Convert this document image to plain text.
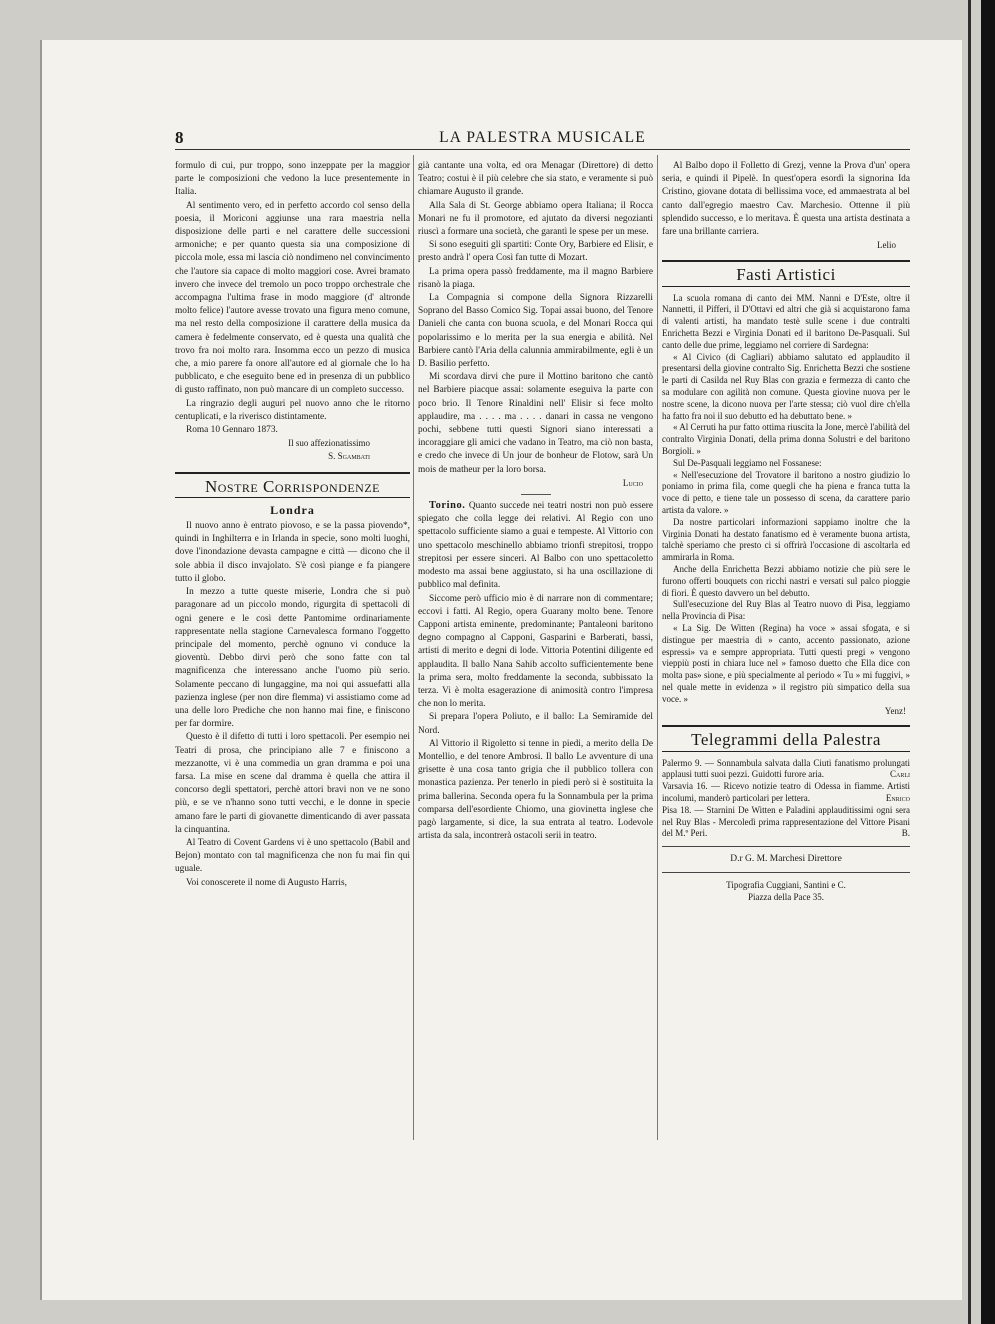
8	LA PALESTRA MUSICALE

formulo di cui, pur troppo, sono inzeppate per la maggior parte le composizioni che vedono la luce presentemente in Italia.

Al sentimento vero, ed in perfetto accordo col senso della poesia, il Moriconi aggiunse una rara maestria nella disposizione delle parti e nel carattere delle successioni armoniche; e per quanto questa sia una composizione di piccola mole, essa mi lascia ciò nondimeno nel convincimento che l'autore sia capace di molto maggiori cose. Avrei bramato invero che invece del tremolo un poco troppo orchestrale che accompagna l'ultima frase in modo maggiore (d' altronde molto felice) l'autore avesse trovato una figura meno comune, ma nel resto della composizione il carattere della musica da camera è fedelmente conservato, ed è questa una qualità che trovo fra noi molto rara. Insomma ecco un pezzo di musica che, a mio parere fa onore all'autore ed al giornale che lo ha pubblicato, e che eseguito bene ed in presenza di un pubblico di gusto raffinato, non può mancare di un completo successo.

La ringrazio degli auguri pel nuovo anno che le ritorno centuplicati, e la riverisco distintamente.

Roma 10 Gennaro 1873.

Il suo affezionatissimo
S. Sgambati
Nostre Corrispondenze
Londra

Il nuovo anno è entrato piovoso, e se la passa piovendo*, quindi in Inghilterra e in Irlanda in specie, sono molti luoghi, dove l'inondazione devasta campagne e città — dicono che il sole abbia il disco invajolato. S'è così piange e fa piangere tutto il globo.

In mezzo a tutte queste miserie, Londra che si può paragonare ad un piccolo mondo, rigurgita di spettacoli di ogni genere e le così dette Pantomime ordinariamente rappresentate nella stagione Carnevalesca formano l'oggetto principale del momento, perchè ognuno vi conduce la gioventù. Debbo dirvi però che sono fatte con tal magnificenza che interessano anche l'uomo più serio. Solamente peccano di lungaggine, ma noi qui assuefatti alla pazienza inglese (per non dire flemma) vi assistiamo come ad una delle loro Prediche che non hanno mai fine, e finiscono per far dormire.

Questo è il difetto di tutti i loro spettacoli. Per esempio nei Teatri di prosa, che principiano alle 7 e finiscono a mezzanotte, vi è una commedia un gran dramma e poi una farsa. La mise en scene dal dramma è quella che attira il concorso degli spettatori, perchè attori bravi non ve ne sono più, e se ve n'hanno sono tutti vecchi, e le donne in specie amano fare le parti di giovanette dimenticando di aver passata la cinquantina.

Al Teatro di Covent Gardens vi è uno spettacolo (Babil and Bejon) montato con tal magnificenza che non fu mai fin qui uguale.

Voi conoscerete il nome di Augusto Harris,

già cantante una volta, ed ora Menagar (Direttore) di detto Teatro; costui è il più celebre che sia stato, e veramente si può chiamare Augusto il grande.

Alla Sala di St. George abbiamo opera Italiana; il Rocca Monari ne fu il promotore, ed ajutato da diversi negozianti riuscì a formare una società, che garantì le spese per un mese.

Si sono eseguiti gli spartiti: Conte Ory, Barbiere ed Elisir, e presto andrà l' opera Così fan tutte di Mozart.

La prima opera passò freddamente, ma il magno Barbiere risanò la piaga.

La Compagnia si compone della Signora Rizzarelli Soprano del Basso Comico Sig. Topai assai buono, del Tenore Danieli che canta con buona scuola, e del Monari Rocca qui popolarissimo e lo merita per la sua energia e abilità. Nel Barbiere cantò l'Aria della calunnia ammirabilmente, egli è un D. Basilio perfetto.

Mi scordava dirvi che pure il Mottino baritono che cantò nel Barbiere piacque assai: solamente eseguiva la parte con poco brio. Il Tenore Rinaldini nell' Elisir si fece molto applaudire, ma . . . . ma . . . . danari in cassa ne vengono pochi, sebbene tutti questi Signori siano interessati a incoraggiare gli amici che vadano in Teatro, ma ciò non basta, e credo che invece di Un jour de bonheur de Flotow, sarà Un mois de matheur per la loro borsa.

Lucio

Torino. Quanto succede nei teatri nostri non può essere spiegato che colla legge dei relativi. Al Regio con uno spettacolo sufficiente siamo a guai e tempeste. Al Vittorio con uno spettacolo meschinello abbiamo trionfi strepitosi, troppo strepitosi per essere sinceri. Al Balbo con uno spettacoletto modesto ma assai bene aggiustato, si ha una oscillazione di pubblico mal definita.

Siccome però ufficio mio è di narrare non di commentare; eccovi i fatti. Al Regio, opera Guarany molto bene. Tenore Capponi artista eminente, predominante; Pantaleoni baritono degno compagno al Capponi, Gasparini e Barberati, bassi, artisti di merito e degni di lode. Vittoria Potentini diligente ed applaudita. Il ballo Nana Sahib accolto sufficientemente bene la prima sera, molto freddamente la seconda, subbissato la terza. Vi è molta esagerazione di animosità contro l'impresa che non lo merita.

Si prepara l'opera Poliuto, e il ballo: La Semiramide del Nord.

Al Vittorio il Rigoletto si tenne in piedi, a merito della De Montellio, e del tenore Ambrosi. Il ballo Le avventure di una grisette è una cosa tanto grigia che il pubblico tollera con monastica pazienza. Per tenerlo in piedi però si è sostituita la prima ballerina. Seconda opera fu la Sonnambula per la prima comparsa dell'esordiente Chiomo, una giovinetta inglese che pagò largamente, si dice, la sua entrata al teatro. Lodevole artista da sala, incontrerà ostacoli serii in teatro.

Al Balbo dopo il Folletto di Grezj, venne la Prova d'un' opera seria, e quindi il Pipelè. In quest'opera esordì la signorina Ida Cristino, giovane dotata di bellissima voce, ed ammaestrata al bel canto dall'egregio maestro Cav. Marchesio. Ottenne il più splendido successo, e lo meritava. È questa una artista destinata a fare una brillante carriera.

Lelio
Fasti Artistici

La scuola romana di canto dei MM. Nanni e D'Este, oltre il Nannetti, il Pifferi, il D'Ottavi ed altri che già si acquistarono fama di valenti artisti, ha mandato testè sulle scene i due contralti Enrichetta Bezzi e Virginia Donati ed il baritono De-Pasquali. Sul canto delle due prime, leggiamo nel corriere di Sardegna:

« Al Civico (di Cagliari) abbiamo salutato ed applaudito il presentarsi della giovine contralto Sig. Enrichetta Bezzi che sostiene le parti di Casilda nel Ruy Blas con grazia e fermezza di canto che sa modulare con agilità non comune. Questa giovine nuova per le nostre scene, la dicono nuova per l'arte stessa; ciò vuol dire ch'ella ha fatto fra noi il suo debutto ed ha debuttato bene. »

« Al Cerruti ha pur fatto ottima riuscita la Jone, mercè l'abilità del contralto Virginia Donati, della prima donna Solustri e del baritono Borgioli. »

Sul De-Pasquali leggiamo nel Fossanese:

« Nell'esecuzione del Trovatore il baritono a nostro giudizio lo poniamo in prima fila, come quegli che ha piena e franca tutta la voce di petto, e tiene tale un possesso di scena, da carattere pario artista da valore. »

Da nostre particolari informazioni sappiamo inoltre che la Virginia Donati ha destato fanatismo ed è veramente buona artista, talchè speriamo che presto ci si offrirà l'occasione di ascoltarla ed ammirarla in Roma.

Anche della Enrichetta Bezzi abbiamo notizie che più sere le furono offerti bouquets con ricchi nastri e versati sul palco pioggie di fiori. È questo davvero un bel debutto.

Sull'esecuzione del Ruy Blas al Teatro nuovo di Pisa, leggiamo nella Provincia di Pisa:

« La Sig. De Witten (Regina) ha voce » assai sfogata, e si distingue per maestria di » canto, accento passionato, azione espressi» va e sempre appropriata. Tutti questi pregi » vengono vieppiù posti in chiara luce nel » famoso duetto che Ella dice con molta pas» sione, e più specialmente al periodo « Tu » mi fuggivi, » nel quale mette in evidenza » il registro più simpatico della sua voce. »

Yenz!
Telegrammi della Palestra

Palermo 9. — Sonnambula salvata dalla Ciuti fanatismo prolungati applausi tutti suoi pezzi. Guidotti furore aria.	Carli

Varsavia 16. — Ricevo notizie teatro di Odessa in fiamme. Artisti incolumi, manderò particolari per lettera.	Enrico

Pisa 18. — Starnini De Witten e Paladini applauditissimi ogni sera nel Ruy Blas - Mercoledì prima rappresentazione del Vittore Pisani del M.º Peri.	B.

D.r G. M. Marchesi Direttore
Tipografia Cuggiani, Santini e C.
Piazza della Pace 35.
